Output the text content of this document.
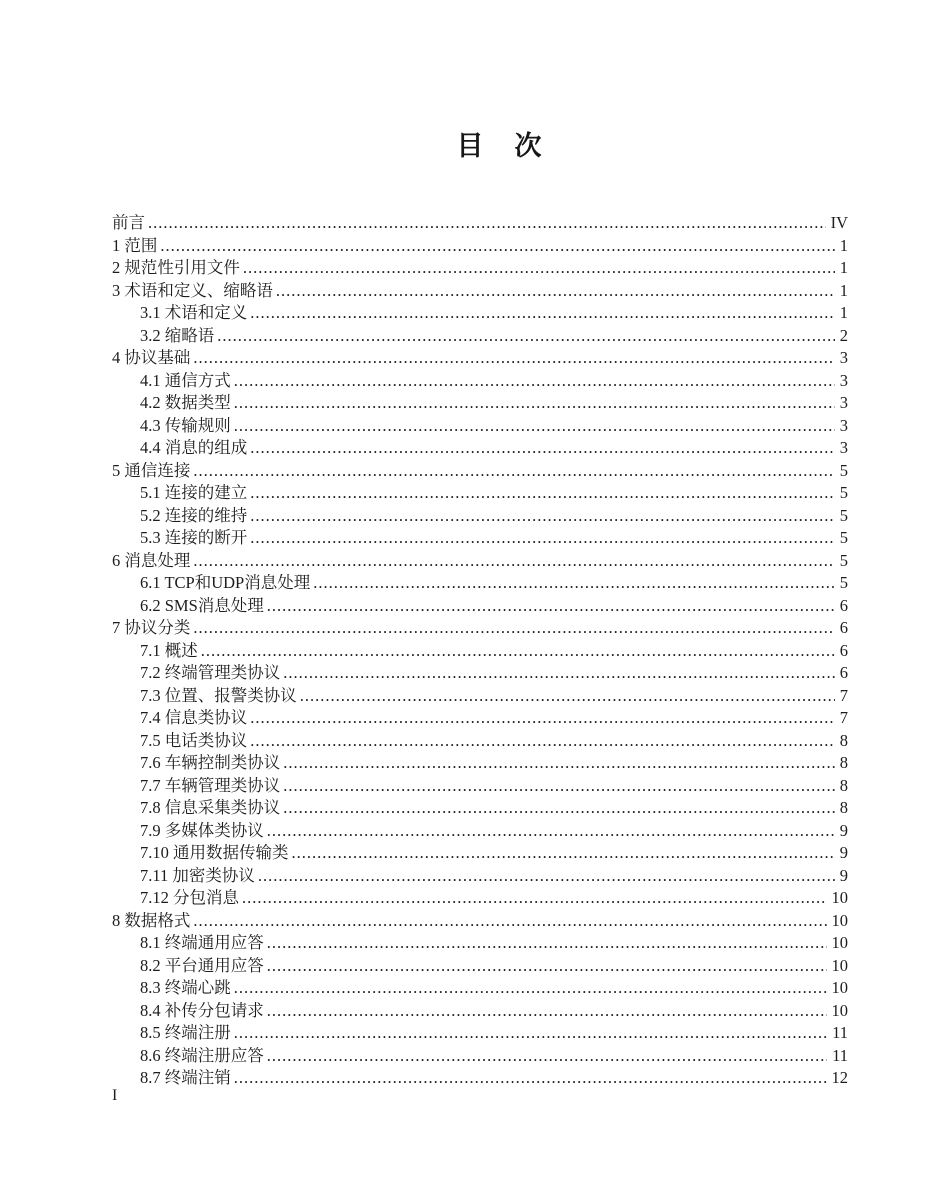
目　次
前言 .....	IV
1 范围 .....	1
2 规范性引用文件 .....	1
3 术语和定义、缩略语 .....	1
3.1 术语和定义 .....	1
3.2 缩略语 .....	2
4 协议基础 .....	3
4.1 通信方式 .....	3
4.2 数据类型 .....	3
4.3 传输规则 .....	3
4.4 消息的组成 .....	3
5 通信连接 .....	5
5.1 连接的建立 .....	5
5.2 连接的维持 .....	5
5.3 连接的断开 .....	5
6 消息处理 .....	5
6.1 TCP和UDP消息处理 .....	5
6.2 SMS消息处理 .....	6
7 协议分类 .....	6
7.1 概述 .....	6
7.2 终端管理类协议 .....	6
7.3 位置、报警类协议 .....	7
7.4 信息类协议 .....	7
7.5 电话类协议 .....	8
7.6 车辆控制类协议 .....	8
7.7 车辆管理类协议 .....	8
7.8 信息采集类协议 .....	8
7.9 多媒体类协议 .....	9
7.10 通用数据传输类 .....	9
7.11 加密类协议 .....	9
7.12 分包消息 .....	10
8 数据格式 .....	10
8.1 终端通用应答 .....	10
8.2 平台通用应答 .....	10
8.3 终端心跳 .....	10
8.4 补传分包请求 .....	10
8.5 终端注册 .....	11
8.6 终端注册应答 .....	11
8.7 终端注销 .....	12
I
